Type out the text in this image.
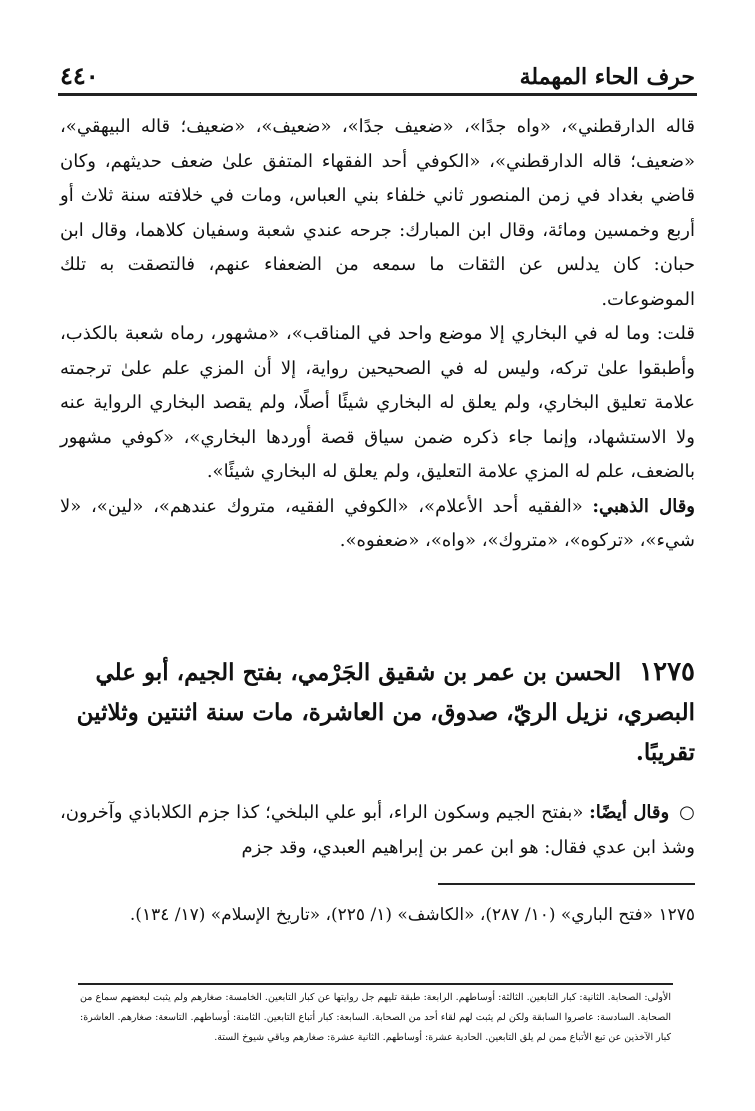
حرف الحاء المهملة
٤٤٠

قاله الدارقطني»، «واه جدًا»، «ضعيف جدًا»، «ضعيف»، «ضعيف؛ قاله البيهقي»، «ضعيف؛ قاله الدارقطني»، «الكوفي أحد الفقهاء المتفق علىٰ ضعف حديثهم، وكان قاضي بغداد في زمن المنصور ثاني خلفاء بني العباس، ومات في خلافته سنة ثلاث أو أربع وخمسين ومائة، وقال ابن المبارك: جرحه عندي شعبة وسفيان كلاهما، وقال ابن حبان: كان يدلس عن الثقات ما سمعه من الضعفاء عنهم، فالتصقت به تلك الموضوعات.

قلت: وما له في البخاري إلا موضع واحد في المناقب»، «مشهور، رماه شعبة بالكذب، وأطبقوا علىٰ تركه، وليس له في الصحيحين رواية، إلا أن المزي علم علىٰ ترجمته علامة تعليق البخاري، ولم يعلق له البخاري شيئًا أصلًا، ولم يقصد البخاري الرواية عنه ولا الاستشهاد، وإنما جاء ذكره ضمن سياق قصة أوردها البخاري»، «كوفي مشهور بالضعف، علم له المزي علامة التعليق، ولم يعلق له البخاري شيئًا».

وقال الذهبي: «الفقيه أحد الأعلام»، «الكوفي الفقيه، متروك عندهم»، «لين»، «لا شيء»، «تركوه»، «متروك»، «واه»، «ضعفوه».

١٢٧٥ الحسن بن عمر بن شقيق الجَرْمي، بفتح الجيم، أبو علي البصري، نزيل الريّ، صدوق، من العاشرة، مات سنة اثنتين وثلاثين تقريبًا.
○ وقال أيضًا: «بفتح الجيم وسكون الراء، أبو علي البلخي؛ كذا جزم الكلاباذي وآخرون، وشذ ابن عدي فقال: هو ابن عمر بن إبراهيم العبدي، وقد جزم
١٢٧٥ «فتح الباري» (١٠/ ٢٨٧)، «الكاشف» (١/ ٢٢٥)، «تاريخ الإسلام» (١٧/ ١٣٤).
الأولى: الصحابة. الثانية: كبار التابعين. الثالثة: أوساطهم. الرابعة: طبقة تليهم جل روايتها عن كبار التابعين. الخامسة: صغارهم ولم يثبت لبعضهم سماع من الصحابة. السادسة: عاصروا السابقة ولكن لم يثبت لهم لقاء أحد من الصحابة. السابعة: كبار أتباع التابعين. الثامنة: أوساطهم. التاسعة: صغارهم. العاشرة: كبار الآخذين عن تبع الأتباع ممن لم يلق التابعين. الحادية عشرة: أوساطهم. الثانية عشرة: صغارهم وباقي شيوخ الستة.
